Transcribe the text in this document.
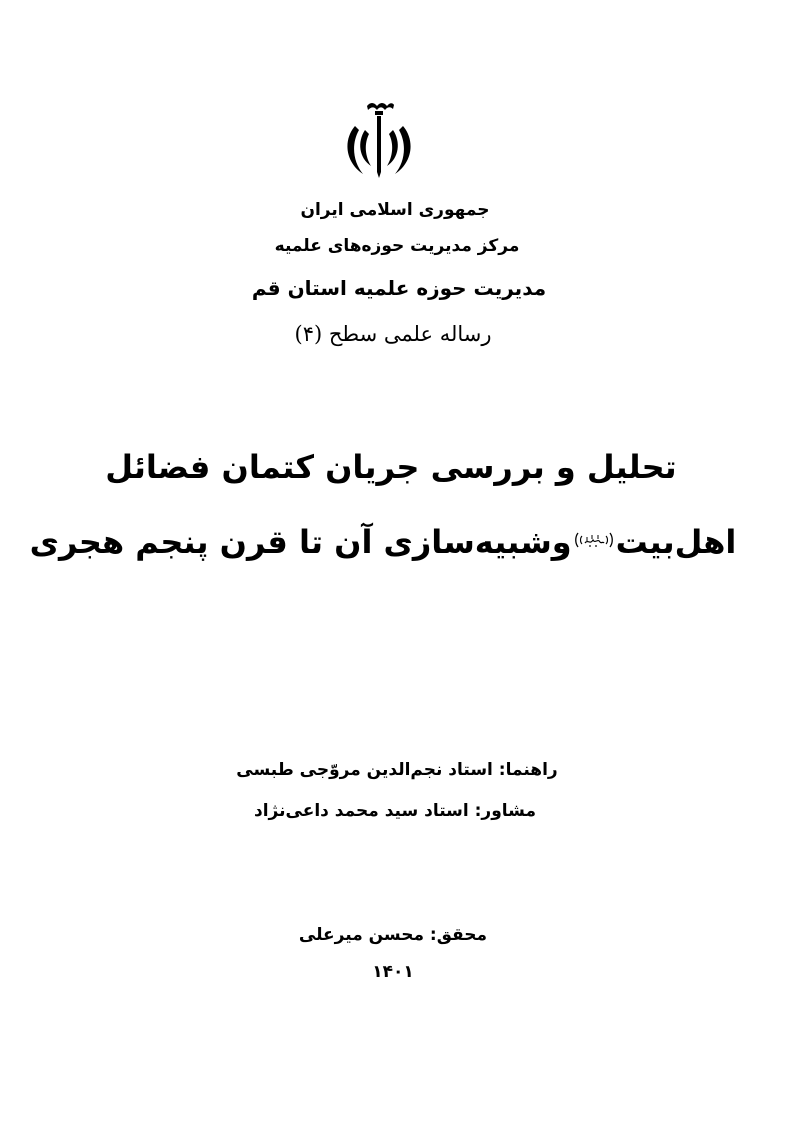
جمهوری اسلامی ایران
مرکز مدیریت حوزه‌های علمیه
مدیریت حوزه علمیه استان قم
رساله علمی سطح (۴)
تحلیل و بررسی جریان کتمان فضائل
اهل‌بیتوشبیه‌سازی آن تا قرن پنجم هجری
راهنما: استاد نجم‌الدین مروّجی طبسی
مشاور: استاد سید محمد داعی‌نژاد
محقق: محسن میرعلی
۱۴۰۱
